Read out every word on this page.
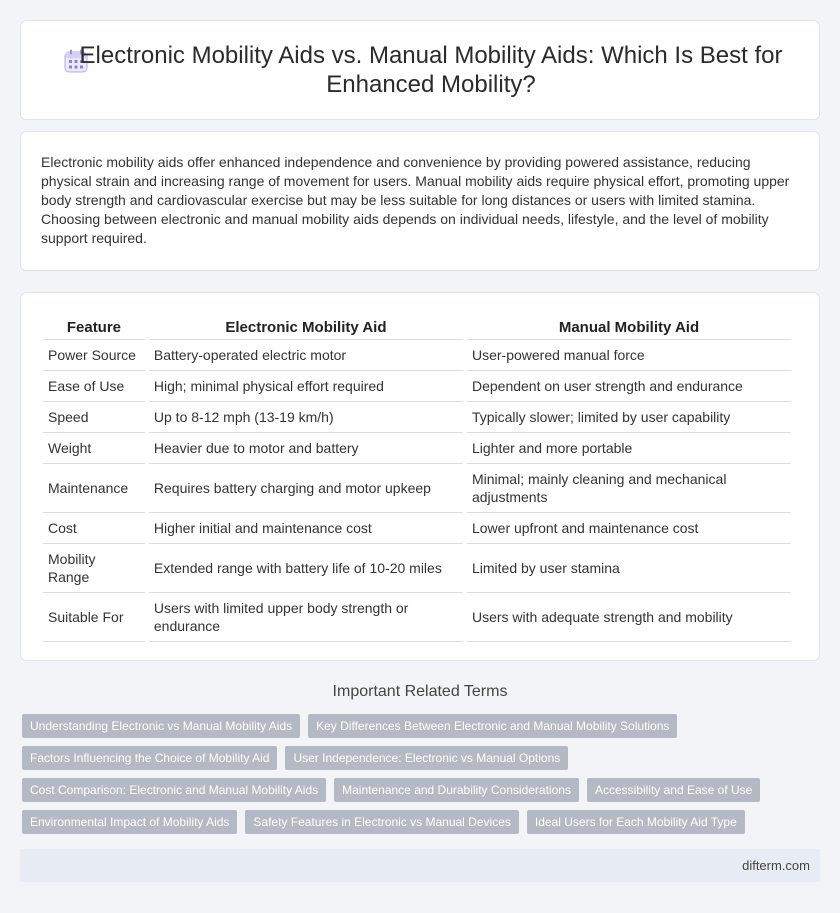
Electronic Mobility Aids vs. Manual Mobility Aids: Which Is Best for Enhanced Mobility?

Electronic mobility aids offer enhanced independence and convenience by providing powered assistance, reducing physical strain and increasing range of movement for users. Manual mobility aids require physical effort, promoting upper body strength and cardiovascular exercise but may be less suitable for long distances or users with limited stamina. Choosing between electronic and manual mobility aids depends on individual needs, lifestyle, and the level of mobility support required.

Feature	Electronic Mobility Aid	Manual Mobility Aid
Power Source	Battery-operated electric motor	User-powered manual force
Ease of Use	High; minimal physical effort required	Dependent on user strength and endurance
Speed	Up to 8-12 mph (13-19 km/h)	Typically slower; limited by user capability
Weight	Heavier due to motor and battery	Lighter and more portable
Maintenance	Requires battery charging and motor upkeep	Minimal; mainly cleaning and mechanical adjustments
Cost	Higher initial and maintenance cost	Lower upfront and maintenance cost
Mobility Range	Extended range with battery life of 10-20 miles	Limited by user stamina
Suitable For	Users with limited upper body strength or endurance	Users with adequate strength and mobility
Important Related Terms
Understanding Electronic vs Manual Mobility Aids	Key Differences Between Electronic and Manual Mobility Solutions
Factors Influencing the Choice of Mobility Aid	User Independence: Electronic vs Manual Options
Cost Comparison: Electronic and Manual Mobility Aids	Maintenance and Durability Considerations	Accessibility and Ease of Use
Environmental Impact of Mobility Aids	Safety Features in Electronic vs Manual Devices	Ideal Users for Each Mobility Aid Type
difterm.com
